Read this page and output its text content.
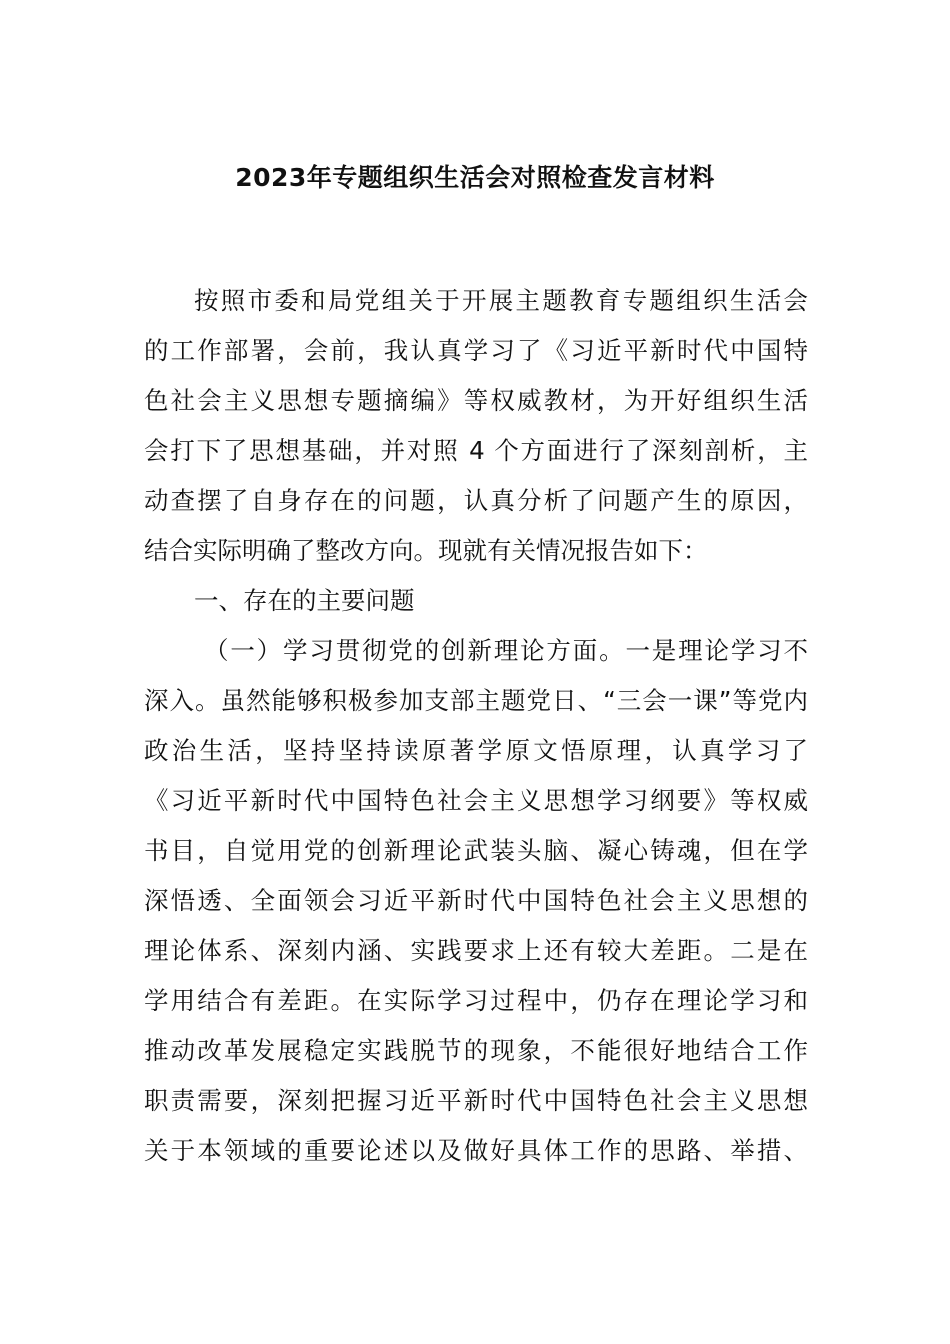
2023年专题组织生活会对照检查发言材料
按照市委和局党组关于开展主题教育专题组织生活会
的工作部署，会前，我认真学习了《习近平新时代中国特
色社会主义思想专题摘编》等权威教材，为开好组织生活
会打下了思想基础，并对照 4 个方面进行了深刻剖析，主
动查摆了自身存在的问题，认真分析了问题产生的原因，
结合实际明确了整改方向。现就有关情况报告如下：
一、存在的主要问题
（一）学习贯彻党的创新理论方面。一是理论学习不
深入。虽然能够积极参加支部主题党日、“三会一课”等党内
政治生活，坚持坚持读原著学原文悟原理，认真学习了
《习近平新时代中国特色社会主义思想学习纲要》等权威
书目，自觉用党的创新理论武装头脑、凝心铸魂，但在学
深悟透、全面领会习近平新时代中国特色社会主义思想的
理论体系、深刻内涵、实践要求上还有较大差距。二是在
学用结合有差距。在实际学习过程中，仍存在理论学习和
推动改革发展稳定实践脱节的现象，不能很好地结合工作
职责需要，深刻把握习近平新时代中国特色社会主义思想
关于本领域的重要论述以及做好具体工作的思路、举措、
